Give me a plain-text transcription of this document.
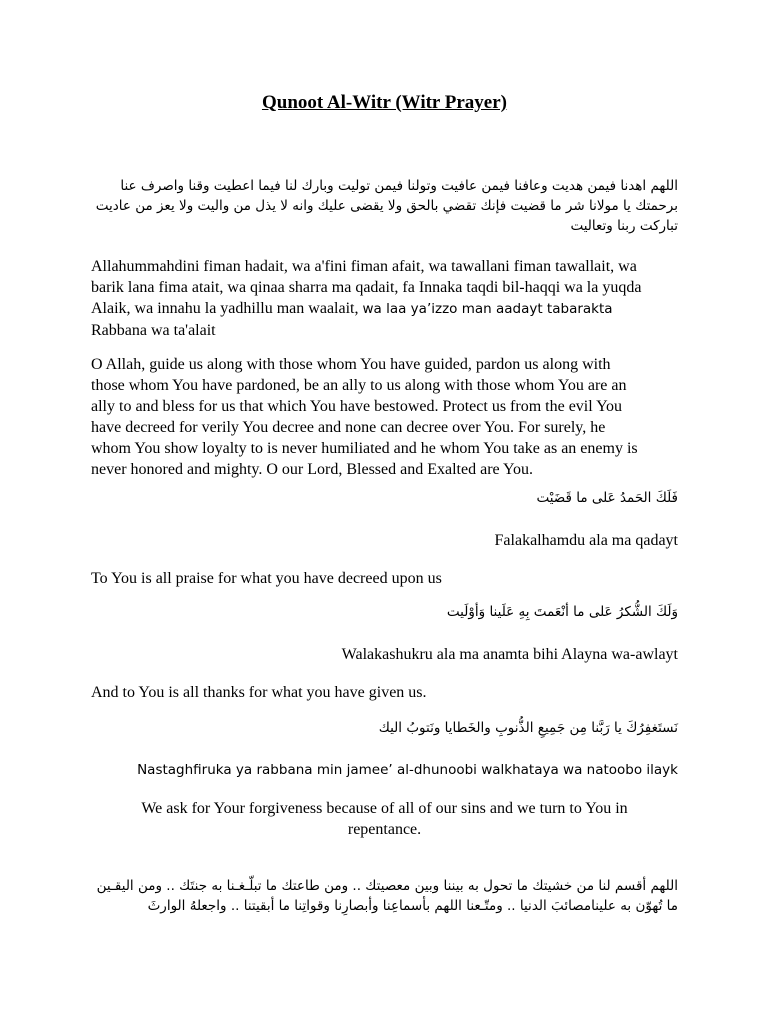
Qunoot Al-Witr (Witr Prayer)
اللهم اهدنا فيمن هديت وعافنا فيمن عافيت وتولنا فيمن توليت وبارك لنا فيما اعطيت وقنا واصرف عنا
برحمتك يا مولانا شر ما قضيت فإنك تقضي بالحق ولا يقضى عليك وانه لا يذل من واليت ولا يعز من عاديت
تباركت ربنا وتعاليت
Allahummahdini fiman hadait, wa a'fini fiman afait, wa tawallani fiman tawallait, wa
barik lana fima atait, wa qinaa sharra ma qadait, fa Innaka taqdi bil-haqqi wa la yuqda
Alaik, wa innahu la yadhillu man waalait, wa laa ya’izzo man aadayt tabarakta
Rabbana wa ta'alait
O Allah, guide us along with those whom You have guided, pardon us along with
those whom You have pardoned, be an ally to us along with those whom You are an
ally to and bless for us that which You have bestowed. Protect us from the evil You
have decreed for verily You decree and none can decree over You. For surely, he
whom You show loyalty to is never humiliated and he whom You take as an enemy is
never honored and mighty. O our Lord, Blessed and Exalted are You.
فَلَكَ الحَمدُ عَلى ما قَضَيْت
Falakalhamdu ala ma qadayt
To You is all praise for what you have decreed upon us
وَلَكَ الشُّكرُ عَلى ما أنْعَمتَ بِهِ عَلَينا وَأوْلَيت
Walakashukru ala ma anamta bihi Alayna wa-awlayt
And to You is all thanks for what you have given us.
نَستَغفِرُكَ يا رَبَّنا مِن جَمِيعِ الذُّنوبِ والخَطايا ونَتوبُ اليك
Nastaghfiruka ya rabbana min jamee’ al-dhunoobi walkhataya wa natoobo ilayk
We ask for Your forgiveness because of all of our sins and we turn to You in
repentance.
اللهم أقسم لنا من خشيتك ما تحول به بيننا وبين معصيتك .. ومن طاعتك ما تبلّـغـنا به جنتَك .. ومن اليقـين
ما تُهوّن به علينامصائبَ الدنيا .. ومتّـعنا اللهم بأسماعِنا وأبصارِنا وقواتِنا ما أبقيتنا .. واجعلهُ الوارثَ
